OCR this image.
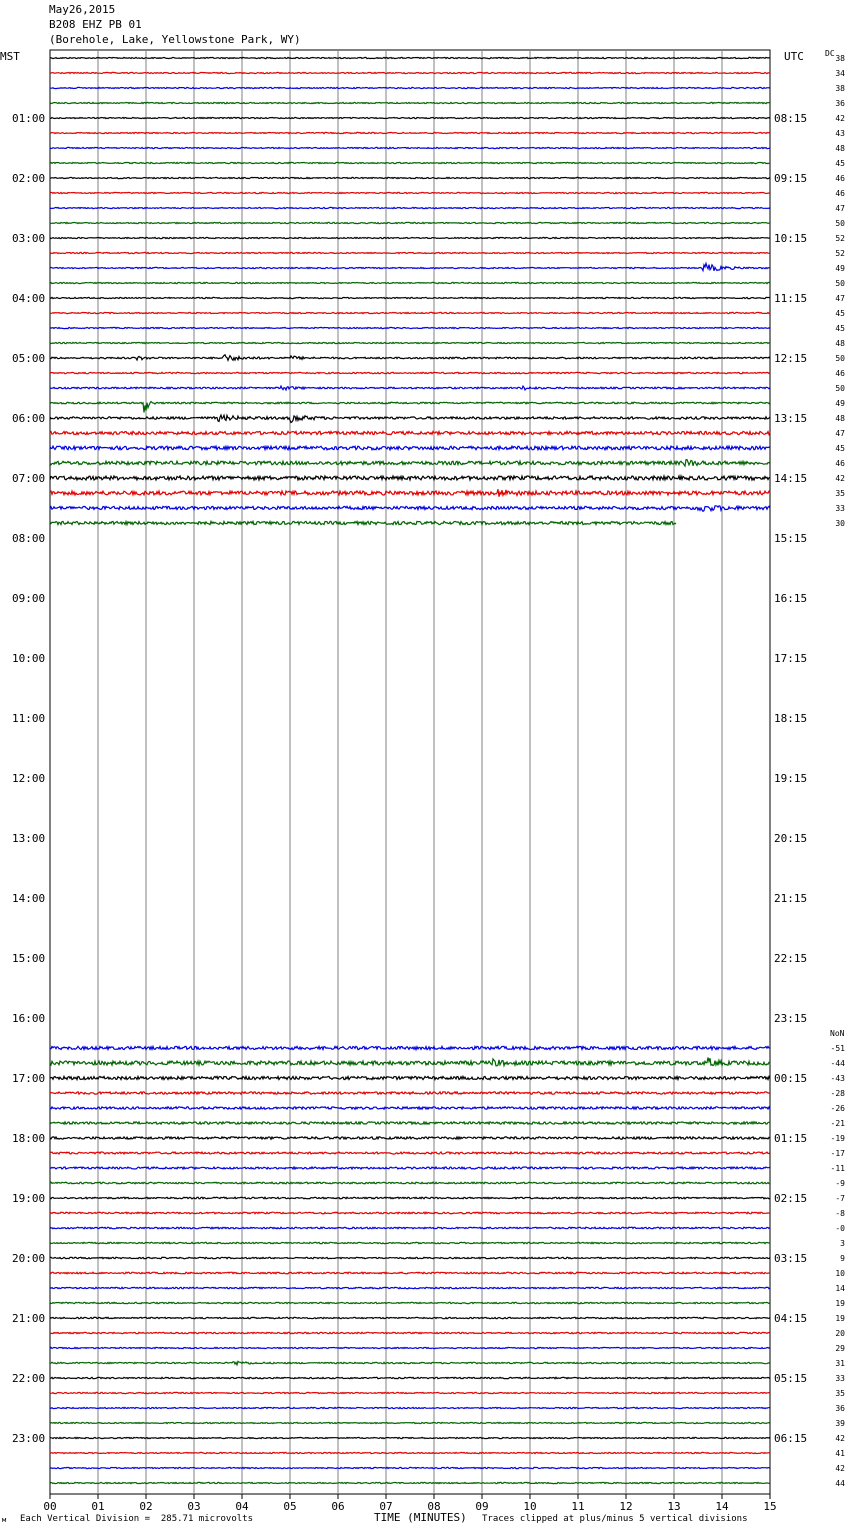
May26,2015
B208 EHZ PB 01
(Borehole, Lake, Yellowstone Park, WY)
00	01	02	03	04	05	06	07	08	09	10	11	12	13	14	15
38
34
38
36
42
43
48
45
46
46
47
50
52
52
49
50
47
45
45
48
50
46
50
49
48
47
45
46
42
35
33
30
-51
-44
-43
-28
-26
-21
-19
-17
-11
-9
-7
-8
-0
3
9
10
14
19
19
20
29
31
33
35
36
39
42
41
42
44
01:00	08:15
02:00	09:15
03:00	10:15
04:00	11:15
05:00	12:15
06:00	13:15
07:00	14:15
08:00	15:15
09:00	16:15
10:00	17:15
11:00	18:15
12:00	19:15
13:00	20:15
14:00	21:15
15:00	22:15
16:00	23:15
17:00	00:15
18:00	01:15
19:00	02:15
20:00	03:15
21:00	04:15
22:00	05:15
23:00	06:15
MST	UTC	DC
NoN
м Each Vertical Division =  285.71 microvolts	TIME (MINUTES) Traces clipped at plus/minus 5 vertical divisions
